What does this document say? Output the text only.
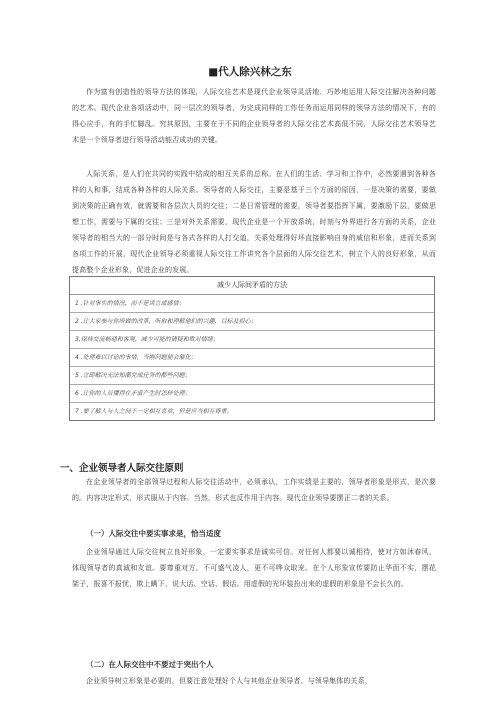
■代人除兴林之东

作为富有创造性的领导方法的体现，人际交往艺术是现代企业领导灵活地、巧妙地运用人际交往解决各种问题的艺术。现代企业各项活动中，同一层次的领导者，为完成同样的工作任务而运用同样的领导方法的情况下，有的得心应手，有的手忙脚乱。究其原因，主要在于不同的企业领导者的人际交往艺术高低不同，人际交往艺术领导艺术是一个领导者进行领导活动能否成功的关键。

人际关系，是人们在共同的实践中结成的相互关系的总称。在人们的生活、学习和工作中，必然要遇到各种各样的人和事，结成各种各样的人际关系。领导者的人际交往，主要是基于三个方面的原因，一是决策的需要，要做到决策的正确有效，就需要和各层次人员的交往；二是日常管理的需要，领导者要指挥下属，要激励下层，要做思想工作，需要与下属的交往；三是对外关系需要，现代企业是一个开放系统，时刻与外界进行各方面的关系，企业领导者的相当大的一部分时间是与各式各样的人打交道，关系处理得好坏直接影响自身的威信和形象，进而关系到各项工作的开展，现代企业领导必须重视人际交往工作讲究各个层面的人际交往艺术，树立个人的良好形象，从而提高整个企业形象，促进企业的发展。

减少人际间矛盾的方法
1 .针对事实的情况，而不是谈言或感情；
2 .让大家参与你所做的改革，听取和理解他们的兴趣，目标及担心；
3,保持交流畅通和客观，减少可能的猜疑和欺对情绪；
4 .处理难以讨论的事情，当刚问题便会催化；
5 .立即解决无法知潮完成任务的都些问题；
6 .让你的人员懂得在矛盾产生时怎样处理；
7 .要了解人与人之间不一定相互喜欢，但是应当相互尊重。
一、企业领导者人际交往原则

在企业领导者的全部领导过程和人际交往活动中，必须承认，工作实绩是主要的，领导者形象是形式，是次要的。内容决定形式，形式服从于内容。当然，形式也反作用于内容。现代企业领导要摆正二者的关系。

（一）人际交往中要实事求是，恰当适度

企业领导通过人际交往树立良好形象，一定要实事求是诚实可信。对任何人都要以诚相待，使对方如沐春风，体现领导者的真诚和友谊。要尊重对方，不可盛气凌人，更不可哗众取宠。在个人形象宣传要防止华而不实，摆花架子，报喜不报忧，欺上瞒下，说大话、空话、假话。用虚假的光环装扮出来的虚假的形象是不会长久的。

（二）在人际交往中不要过于突出个人

企业领导树立形象是必要的，但要注意处理好个人与其他企业领导者、与领导集体的关系，
